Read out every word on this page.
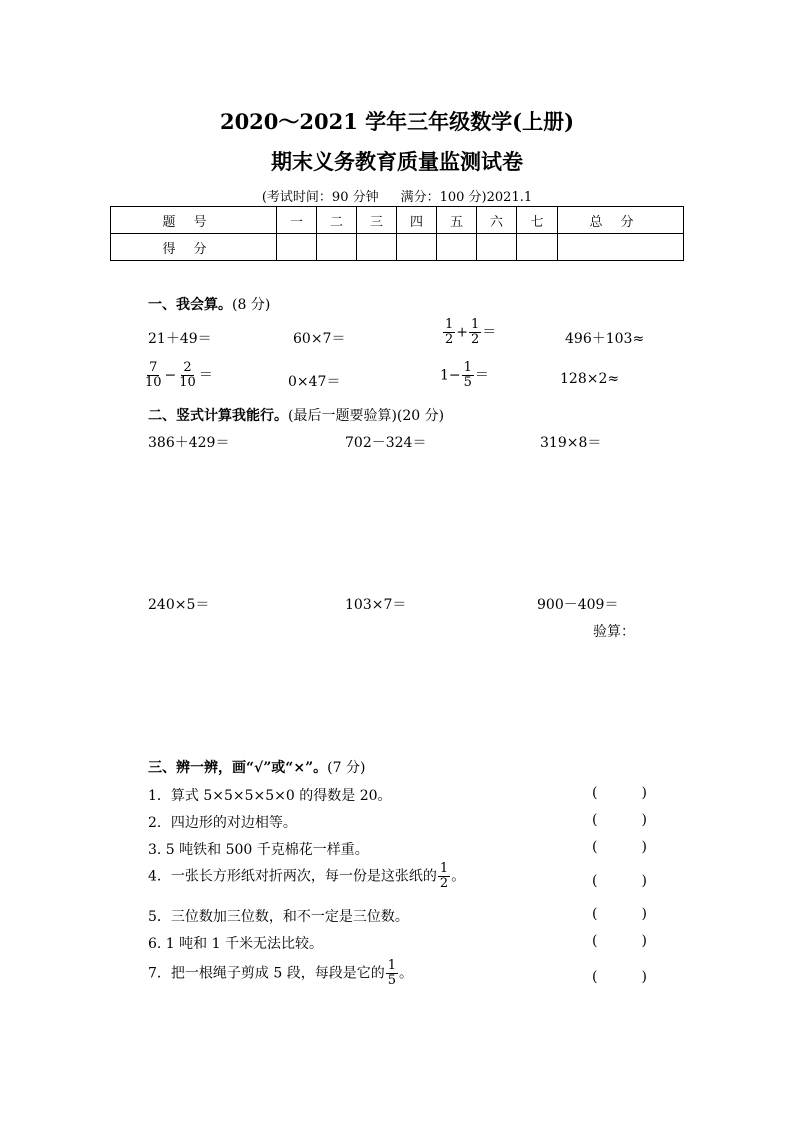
2020～2021 学年三年级数学(上册)
期末义务教育质量监测试卷
(考试时间：90 分钟 满分：100 分)2021.1
题号	一	二	三	四	五	六	七	总分
得分								
一、我会算。(8 分)
21＋49＝	60×7＝	$\frac{1}{2} + \frac{1}{2}$ ＝	496＋103≈
$\frac{7}{10} - \frac{2}{10}$ ＝	0×47＝	$1- \frac{1}{5}$ ＝	128×2≈
二、竖式计算我能行。(最后一题要验算)(20 分)
386＋429＝	702－324＝	319×8＝
240×5＝	103×7＝	900－409＝
验算：
三、辨一辨，画“√”或“×”。(7 分)
1．算式 5×5×5×5×0 的得数是 20。	(	)
2．四边形的对边相等。	(	)
3. 5 吨铁和 500 千克棉花一样重。	(	)
4．一张长方形纸对折两次，每一份是这张纸的 $\frac{1}{2}$ 。	(	)
5．三位数加三位数，和不一定是三位数。	(	)
6. 1 吨和 1 千米无法比较。	(	)
7．把一根绳子剪成 5 段，每段是它的 $\frac{1}{5}$ 。	(	)
